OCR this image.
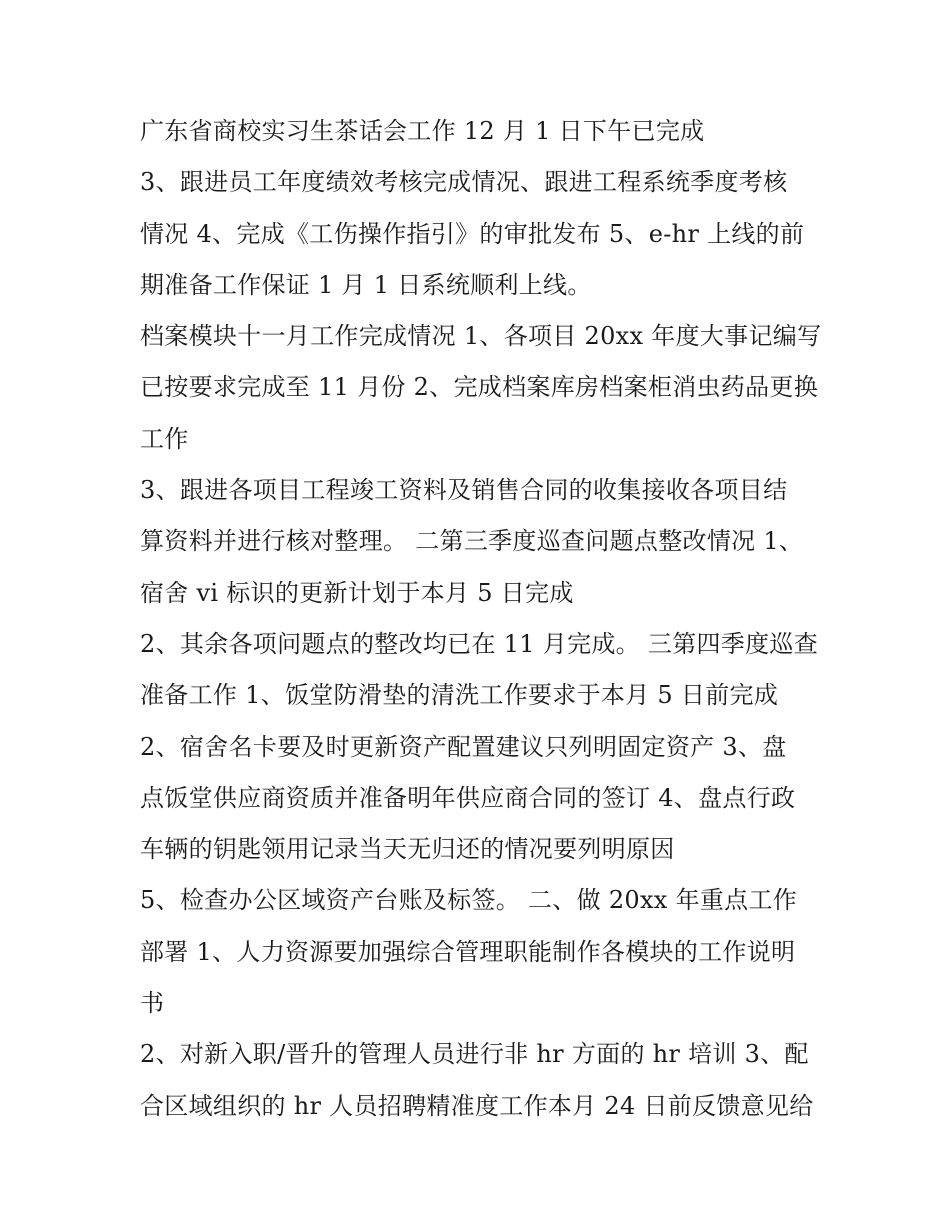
广东省商校实习生茶话会工作 12 月 1 日下午已完成
3、跟进员工年度绩效考核完成情况、跟进工程系统季度考核
情况 4、完成《工伤操作指引》的审批发布 5、e-hr 上线的前
期准备工作保证 1 月 1 日系统顺利上线。
档案模块十一月工作完成情况 1、各项目 20xx 年度大事记编写
已按要求完成至 11 月份 2、完成档案库房档案柜消虫药品更换
工作
3、跟进各项目工程竣工资料及销售合同的收集接收各项目结
算资料并进行核对整理。 二第三季度巡查问题点整改情况 1、
宿舍 vi 标识的更新计划于本月 5 日完成
2、其余各项问题点的整改均已在 11 月完成。 三第四季度巡查
准备工作 1、饭堂防滑垫的清洗工作要求于本月 5 日前完成
2、宿舍名卡要及时更新资产配置建议只列明固定资产 3、盘
点饭堂供应商资质并准备明年供应商合同的签订 4、盘点行政
车辆的钥匙领用记录当天无归还的情况要列明原因
5、检查办公区域资产台账及标签。 二、做 20xx 年重点工作
部署 1、人力资源要加强综合管理职能制作各模块的工作说明
书
2、对新入职/晋升的管理人员进行非 hr 方面的 hr 培训 3、配
合区域组织的 hr 人员招聘精准度工作本月 24 日前反馈意见给
